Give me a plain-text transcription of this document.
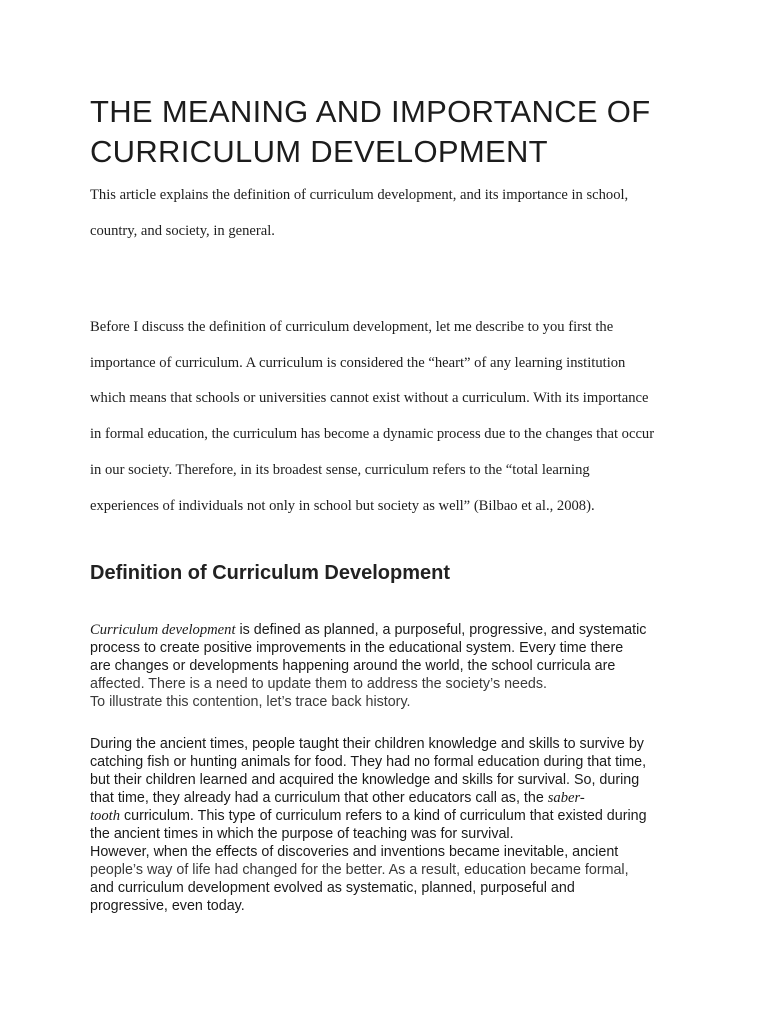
THE MEANING AND IMPORTANCE OF CURRICULUM DEVELOPMENT

This article explains the definition of curriculum development, and its importance in school,
country, and society, in general.

Before I discuss the definition of curriculum development, let me describe to you first the
importance of curriculum. A curriculum is considered the “heart” of any learning institution
which means that schools or universities cannot exist without a curriculum. With its importance
in formal education, the curriculum has become a dynamic process due to the changes that occur
in our society. Therefore, in its broadest sense, curriculum refers to the “total learning
experiences of individuals not only in school but society as well” (Bilbao et al., 2008).

Definition of Curriculum Development

Curriculum development is defined as planned, a purposeful, progressive, and systematic
process to create positive improvements in the educational system. Every time there
are changes or developments happening around the world, the school curricula are
affected. There is a need to update them to address the society’s needs.
To illustrate this contention, let’s trace back history.

During the ancient times, people taught their children knowledge and skills to survive by
catching fish or hunting animals for food. They had no formal education during that time,
but their children learned and acquired the knowledge and skills for survival. So, during
that time, they already had a curriculum that other educators call as, the saber-
tooth curriculum. This type of curriculum refers to a kind of curriculum that existed during
the ancient times in which the purpose of teaching was for survival.
However, when the effects of discoveries and inventions became inevitable, ancient
people’s way of life had changed for the better. As a result, education became formal,
and curriculum development evolved as systematic, planned, purposeful and
progressive, even today.
